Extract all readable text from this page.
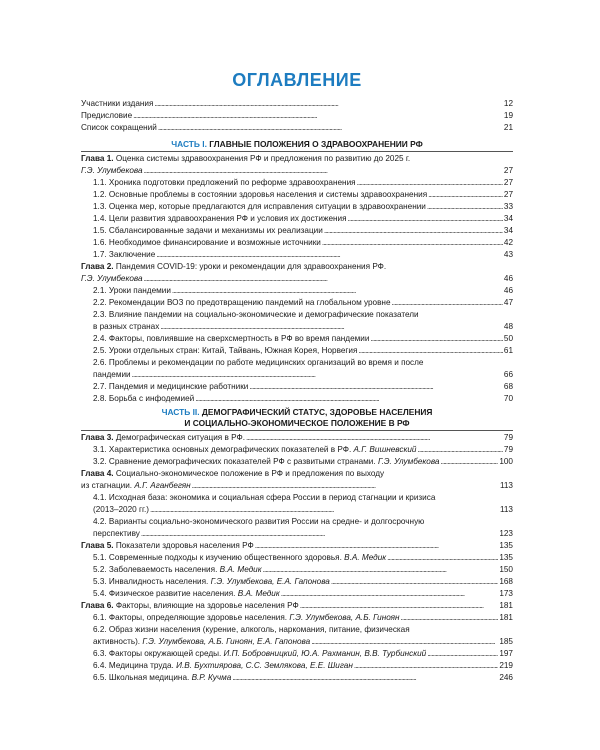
ОГЛАВЛЕНИЕ
Участники издания . . .	12
Предисловие . . .	19
Список сокращений . . .	21
ЧАСТЬ I. ГЛАВНЫЕ ПОЛОЖЕНИЯ О ЗДРАВООХРАНЕНИИ РФ
Глава 1. Оценка системы здравоохранения РФ и предложения по развитию до 2025 г.
Г.Э. Улумбекова . . .	27
1.1. Хроника подготовки предложений по реформе здравоохранения . . .	27
1.2. Основные проблемы в состоянии здоровья населения и системы здравоохранения . . .	27
1.3. Оценка мер, которые предлагаются для исправления ситуации в здравоохранении . . .	33
1.4. Цели развития здравоохранения РФ и условия их достижения . . .	34
1.5. Сбалансированные задачи и механизмы их реализации . . .	34
1.6. Необходимое финансирование и возможные источники . . .	42
1.7. Заключение . . .	43
Глава 2. Пандемия COVID-19: уроки и рекомендации для здравоохранения РФ.
Г.Э. Улумбекова . . .	46
2.1. Уроки пандемии . . .	46
2.2. Рекомендации ВОЗ по предотвращению пандемий на глобальном уровне . . .	47
2.3. Влияние пандемии на социально-экономические и демографические показатели
в разных странах . . .	48
2.4. Факторы, повлиявшие на сверхсмертность в РФ во время пандемии . . .	50
2.5. Уроки отдельных стран: Китай, Тайвань, Южная Корея, Норвегия . . .	61
2.6. Проблемы и рекомендации по работе медицинских организаций во время и после
пандемии . . .	66
2.7. Пандемия и медицинские работники . . .	68
2.8. Борьба с инфодемией . . .	70
ЧАСТЬ II. ДЕМОГРАФИЧЕСКИЙ СТАТУС, ЗДОРОВЬЕ НАСЕЛЕНИЯ
И СОЦИАЛЬНО-ЭКОНОМИЧЕСКОЕ ПОЛОЖЕНИЕ В РФ
Глава 3. Демографическая ситуация в РФ. . . .	79
3.1. Характеристика основных демографических показателей в РФ. А.Г. Вишневский . . .	79
3.2. Сравнение демографических показателей РФ с развитыми странами. Г.Э. Улумбекова . . .	100
Глава 4. Социально-экономическое положение в РФ и предложения по выходу
из стагнации. А.Г. Аганбегян . . .	113
4.1. Исходная база: экономика и социальная сфера России в период стагнации и кризиса
(2013–2020 гг.) . . .	113
4.2. Варианты социально-экономического развития России на средне- и долгосрочную
перспективу . . .	123
Глава 5. Показатели здоровья населения РФ . . .	135
5.1. Современные подходы к изучению общественного здоровья. В.А. Медик . . .	135
5.2. Заболеваемость населения. В.А. Медик . . .	150
5.3. Инвалидность населения. Г.Э. Улумбекова, Е.А. Гапонова . . .	168
5.4. Физическое развитие населения. В.А. Медик . . .	173
Глава 6. Факторы, влияющие на здоровье населения РФ . . .	181
6.1. Факторы, определяющие здоровье населения. Г.Э. Улумбекова, А.Б. Гиноян . . .	181
6.2. Образ жизни населения (курение, алкоголь, наркомания, питание, физическая
активность). Г.Э. Улумбекова, А.Б. Гиноян, Е.А. Гапонова . . .	185
6.3. Факторы окружающей среды. И.П. Бобровницкий, Ю.А. Рахманин, В.В. Турбинский . . .	197
6.4. Медицина труда. И.В. Бухтиярова, С.С. Землякова, Е.Е. Шиган . . .	219
6.5. Школьная медицина. В.Р. Кучма . . .	246
